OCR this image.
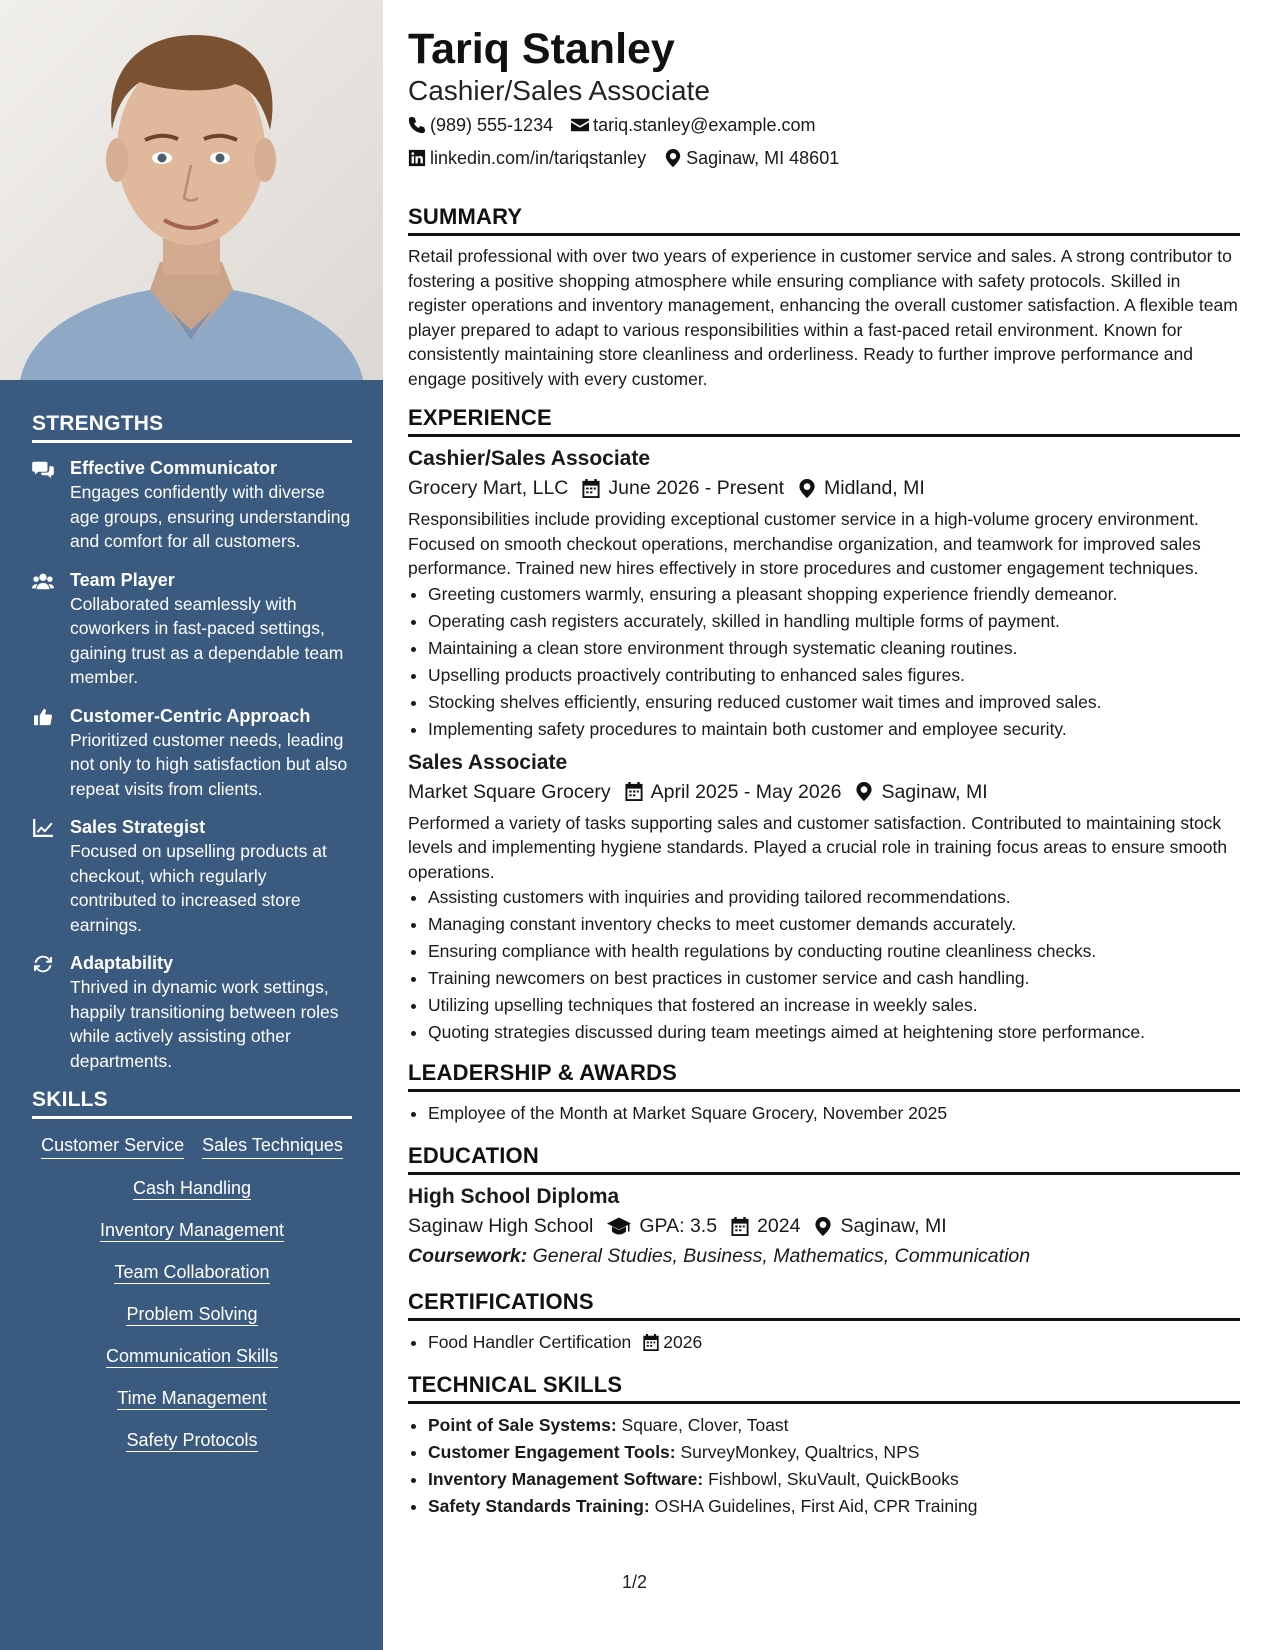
STRENGTHS
Effective Communicator
Engages confidently with diverse age groups, ensuring understanding and comfort for all customers.
Team Player
Collaborated seamlessly with coworkers in fast-paced settings, gaining trust as a dependable team member.
Customer-Centric Approach
Prioritized customer needs, leading not only to high satisfaction but also repeat visits from clients.
Sales Strategist
Focused on upselling products at checkout, which regularly contributed to increased store earnings.
Adaptability
Thrived in dynamic work settings, happily transitioning between roles while actively assisting other departments.
SKILLS
Customer Service Sales Techniques
Cash Handling
Inventory Management
Team Collaboration
Problem Solving
Communication Skills
Time Management
Safety Protocols
Tariq Stanley
Cashier/Sales Associate
(989) 555-1234 tariq.stanley@example.com
linkedin.com/in/tariqstanley Saginaw, MI 48601
SUMMARY
Retail professional with over two years of experience in customer service and sales. A strong contributor to fostering a positive shopping atmosphere while ensuring compliance with safety protocols. Skilled in register operations and inventory management, enhancing the overall customer satisfaction. A flexible team player prepared to adapt to various responsibilities within a fast-paced retail environment. Known for consistently maintaining store cleanliness and orderliness. Ready to further improve performance and engage positively with every customer.
EXPERIENCE
Cashier/Sales Associate
Grocery Mart, LLC June 2026 - Present Midland, MI
Responsibilities include providing exceptional customer service in a high-volume grocery environment. Focused on smooth checkout operations, merchandise organization, and teamwork for improved sales performance. Trained new hires effectively in store procedures and customer engagement techniques.
• Greeting customers warmly, ensuring a pleasant shopping experience friendly demeanor.
• Operating cash registers accurately, skilled in handling multiple forms of payment.
• Maintaining a clean store environment through systematic cleaning routines.
• Upselling products proactively contributing to enhanced sales figures.
• Stocking shelves efficiently, ensuring reduced customer wait times and improved sales.
• Implementing safety procedures to maintain both customer and employee security.
Sales Associate
Market Square Grocery April 2025 - May 2026 Saginaw, MI
Performed a variety of tasks supporting sales and customer satisfaction. Contributed to maintaining stock levels and implementing hygiene standards. Played a crucial role in training focus areas to ensure smooth operations.
• Assisting customers with inquiries and providing tailored recommendations.
• Managing constant inventory checks to meet customer demands accurately.
• Ensuring compliance with health regulations by conducting routine cleanliness checks.
• Training newcomers on best practices in customer service and cash handling.
• Utilizing upselling techniques that fostered an increase in weekly sales.
• Quoting strategies discussed during team meetings aimed at heightening store performance.
LEADERSHIP & AWARDS
• Employee of the Month at Market Square Grocery, November 2025
EDUCATION
High School Diploma
Saginaw High School GPA: 3.5 2024 Saginaw, MI
Coursework: General Studies, Business, Mathematics, Communication
CERTIFICATIONS
• Food Handler Certification 2026
TECHNICAL SKILLS
• Point of Sale Systems: Square, Clover, Toast
• Customer Engagement Tools: SurveyMonkey, Qualtrics, NPS
• Inventory Management Software: Fishbowl, SkuVault, QuickBooks
• Safety Standards Training: OSHA Guidelines, First Aid, CPR Training
1/2
